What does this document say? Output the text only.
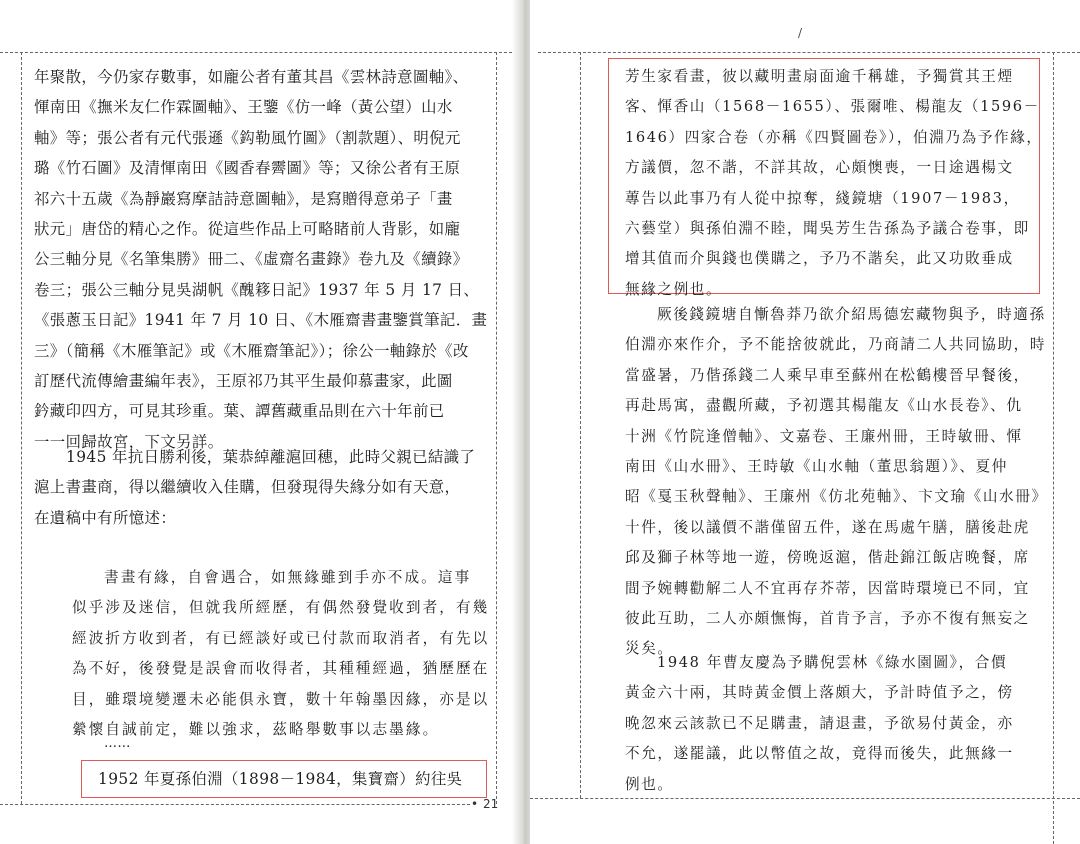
年聚散，今仍家存數事，如龐公者有董其昌《雲林詩意圖軸》、
惲南田《撫米友仁作霖圖軸》、王鑒《仿一峰（黃公望）山水
軸》等；張公者有元代張遜《鈎勒風竹圖》（割款題）、明倪元
璐《竹石圖》及清惲南田《國香春霽圖》等；又徐公者有王原
祁六十五歲《為靜巖寫摩詰詩意圖軸》，是寫贈得意弟子「畫
狀元」唐岱的精心之作。從這些作品上可略睹前人背影，如龐
公三軸分見《名筆集勝》冊二、《虛齋名畫錄》卷九及《續錄》
卷三；張公三軸分見吳湖帆《醜簃日記》1937 年 5 月 17 日、
《張蔥玉日記》1941 年 7 月 10 日、《木雁齋書畫鑒賞筆記．畫
三》（簡稱《木雁筆記》或《木雁齋筆記》）；徐公一軸錄於《改
訂歷代流傳繪畫編年表》，王原祁乃其平生最仰慕畫家，此圖
鈐藏印四方，可見其珍重。葉、譚舊藏重品則在六十年前已
一一回歸故宮，下文另詳。
1945 年抗日勝利後，葉恭綽離滬回穗，此時父親已結識了
滬上書畫商，得以繼續收入佳購，但發現得失緣分如有天意，
在遺稿中有所憶述：
書畫有緣，自會遇合，如無緣雖到手亦不成。這事
似乎涉及迷信，但就我所經歷，有偶然發覺收到者，有幾
經波折方收到者，有已經談好或已付款而取消者，有先以
為不好，後發覺是誤會而收得者，其種種經過，猶歷歷在
目，雖環境變遷未必能俱永寶，數十年翰墨因緣，亦是以
縈懷自誠前定，難以強求，茲略舉數事以志墨緣。
……
1952 年夏孫伯淵（1898－1984，集寶齋）約往吳
• 21
/
芳生家看畫，彼以藏明畫扇面逾千稱雄，予獨賞其王煙
客、惲香山（1568－1655）、張爾唯、楊龍友（1596－
1646）四家合卷（亦稱《四賢圖卷》），伯淵乃為予作緣，
方議價，忽不諧，不詳其故，心頗懊喪，一日途遇楊文
蓴告以此事乃有人從中掠奪，綫鏡塘（1907－1983，
六藝堂）與孫伯淵不睦，聞吳芳生告孫為予議合卷事，即
增其值而介與錢也僕購之，予乃不諧矣，此又功敗垂成
無緣之例也。
厥後錢鏡塘自慚魯莽乃欲介紹馬德宏藏物與予，時適孫
伯淵亦來作介，予不能捨彼就此，乃商請二人共同協助，時
當盛暑，乃偕孫錢二人乘早車至蘇州在松鶴樓晉早餐後，
再赴馬寓，盡觀所藏，予初選其楊龍友《山水長卷》、仇
十洲《竹院逢僧軸》、文嘉卷、王廉州冊，王時敏冊、惲
南田《山水冊》、王時敏《山水軸（董思翁題）》、夏仲
昭《戛玉秋聲軸》、王廉州《仿北苑軸》、卞文瑜《山水冊》
十件，後以議價不諧僅留五件，遂在馬處午膳，膳後赴虎
邱及獅子林等地一遊，傍晚返滬，偕赴錦江飯店晚餐，席
間予婉轉勸解二人不宜再存芥蒂，因當時環境已不同，宜
彼此互助，二人亦頗憮悔，首肯予言，予亦不復有無妄之
災矣。
1948 年曹友慶為予購倪雲林《綠水園圖》，合價
黃金六十兩，其時黃金價上落頗大，予計時值予之，傍
晚忽來云該款已不足購畫，請退畫，予欲易付黃金，亦
不允，遂罷議，此以幣值之故，竟得而後失，此無緣一
例也。
